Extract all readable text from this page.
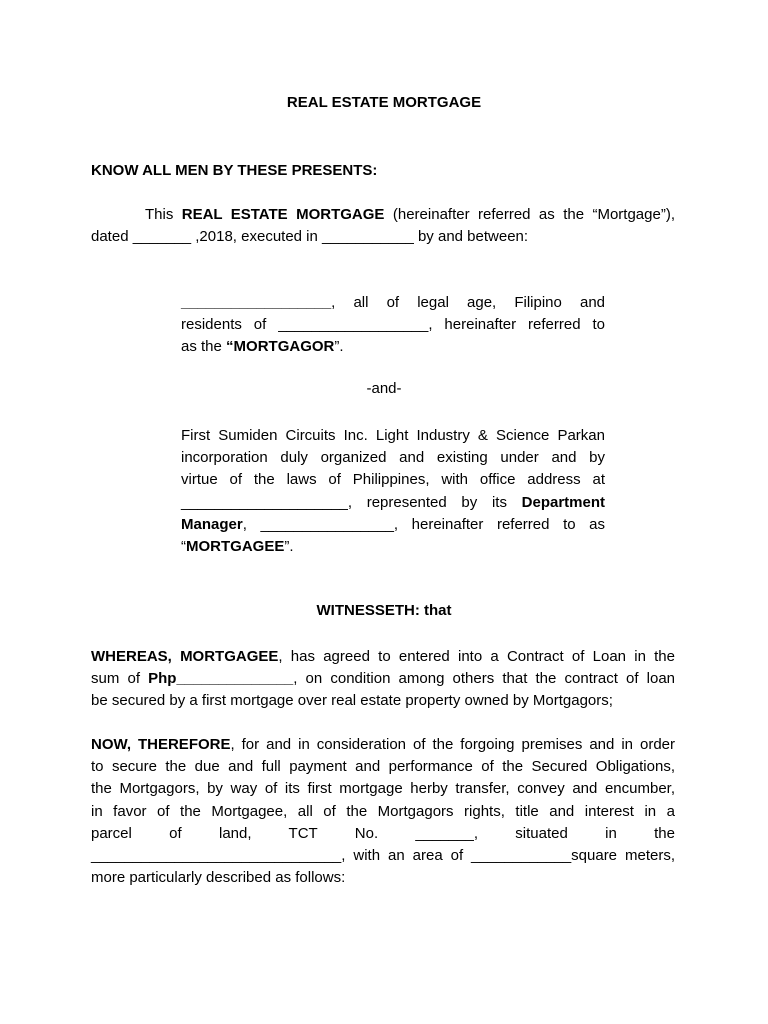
REAL ESTATE MORTGAGE
KNOW ALL MEN BY THESE PRESENTS:
This REAL ESTATE MORTGAGE (hereinafter referred as the “Mortgage”),
dated _______ ,2018, executed in ___________ by and between:
__________________, all of legal age, Filipino and
residents of __________________, hereinafter referred to
as the “MORTGAGOR”.
-and-
First Sumiden Circuits Inc. Light Industry & Science Parkan
incorporation duly organized and existing under and by
virtue of the laws of Philippines, with office address at
____________________, represented by its Department
Manager, ________________, hereinafter referred to as
“MORTGAGEE”.
WITNESSETH: that
WHEREAS, MORTGAGEE, has agreed to entered into a Contract of Loan in the
sum of Php______________, on condition among others that the contract of loan
be secured by a first mortgage over real estate property owned by Mortgagors;
NOW, THEREFORE, for and in consideration of the forgoing premises and in order
to secure the due and full payment and performance of the Secured Obligations,
the Mortgagors, by way of its first mortgage herby transfer, convey and encumber,
in favor of the Mortgagee, all of the Mortgagors rights, title and interest in a
parcel of land, TCT No. _______, situated in the
______________________________, with an area of ____________square meters,
more particularly described as follows:
